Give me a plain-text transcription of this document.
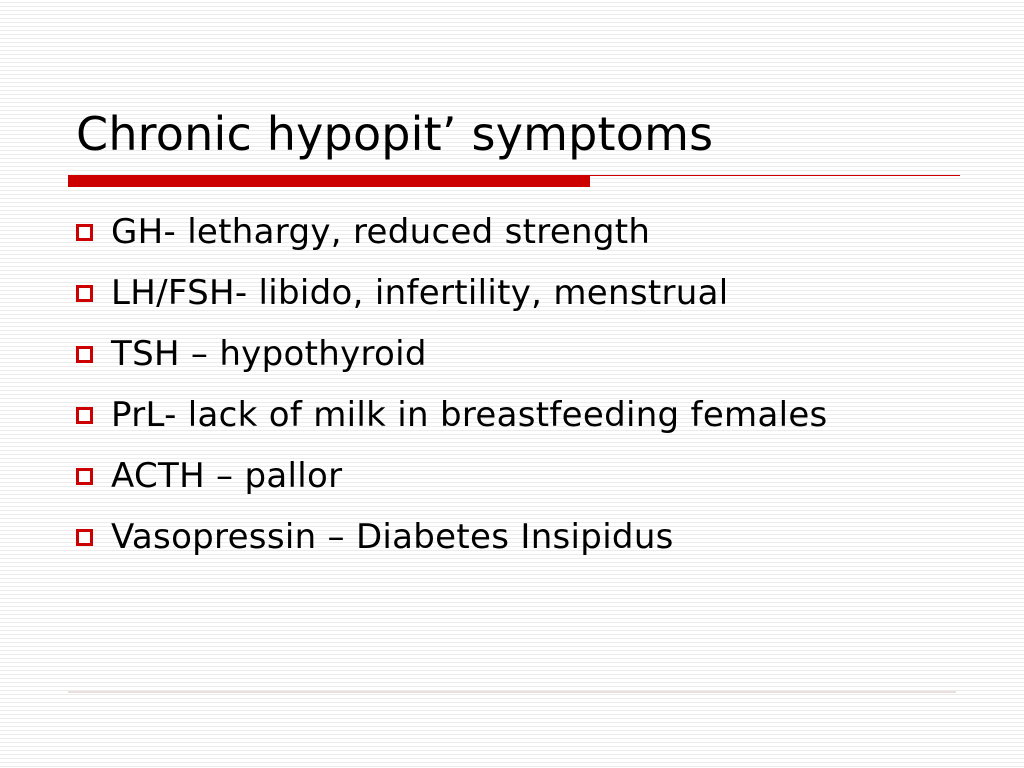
Chronic hypopit’ symptoms
GH- lethargy, reduced strength
LH/FSH- libido, infertility, menstrual
TSH – hypothyroid
PrL- lack of milk in breastfeeding females
ACTH – pallor
Vasopressin – Diabetes Insipidus
